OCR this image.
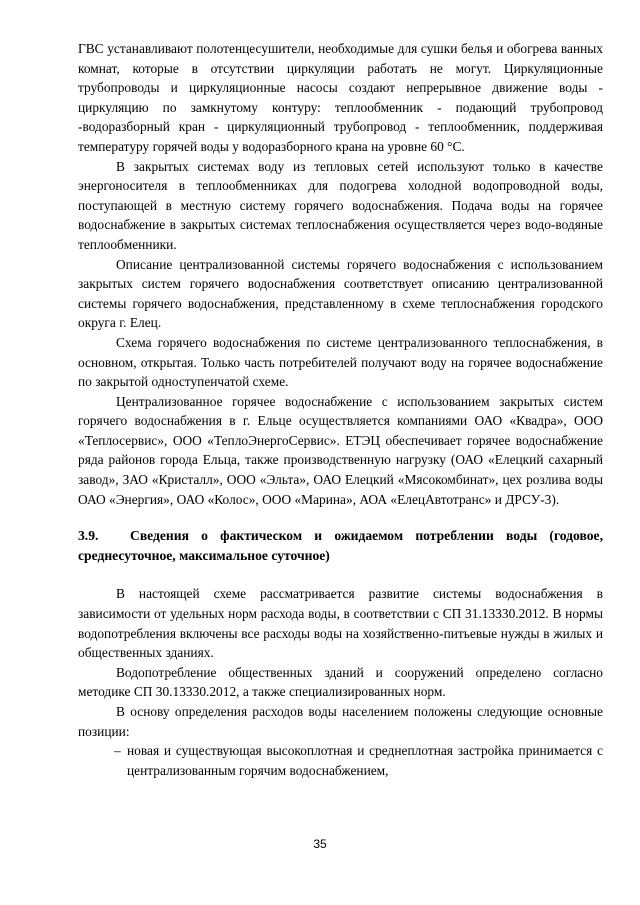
ГВС устанавливают полотенцесушители, необходимые для сушки белья и обогрева ванных комнат, которые в отсутствии циркуляции работать не могут. Циркуляционные трубопроводы и циркуляционные насосы создают непрерывное движение воды - циркуляцию по замкнутому контуру: теплообменник - подающий трубопровод -водоразборный кран - циркуляционный трубопровод - теплообменник, поддерживая температуру горячей воды у водоразборного крана на уровне 60 °С.

В закрытых системах воду из тепловых сетей используют только в качестве энергоносителя в теплообменниках для подогрева холодной водопроводной воды, поступающей в местную систему горячего водоснабжения. Подача воды на горячее водоснабжение в закрытых системах теплоснабжения осуществляется через водо-водяные теплообменники.

Описание централизованной системы горячего водоснабжения с использованием закрытых систем горячего водоснабжения соответствует описанию централизованной системы горячего водоснабжения, представленному в схеме теплоснабжения городского округа г. Елец.

Схема горячего водоснабжения по системе централизованного теплоснабжения, в основном, открытая. Только часть потребителей получают воду на горячее водоснабжение по закрытой одноступенчатой схеме.

Централизованное горячее водоснабжение с использованием закрытых систем горячего водоснабжения в г. Ельце осуществляется компаниями ОАО «Квадра», ООО «Теплосервис», ООО «ТеплоЭнергоСервис». ЕТЭЦ обеспечивает горячее водоснабжение ряда районов города Ельца, также производственную нагрузку (ОАО «Елецкий сахарный завод», ЗАО «Кристалл», ООО «Эльта», ОАО Елецкий «Мясокомбинат», цех розлива воды ОАО «Энергия», ОАО «Колос», ООО «Марина», АОА «ЕлецАвтотранс» и ДРСУ-3).

3.9. Сведения о фактическом и ожидаемом потреблении воды (годовое, среднесуточное, максимальное суточное)

В настоящей схеме рассматривается развитие системы водоснабжения в зависимости от удельных норм расхода воды, в соответствии с СП 31.13330.2012. В нормы водопотребления включены все расходы воды на хозяйственно-питьевые нужды в жилых и общественных зданиях.

Водопотребление общественных зданий и сооружений определено согласно методике СП 30.13330.2012, а также специализированных норм.

В основу определения расходов воды населением положены следующие основные позиции:

– новая и существующая высокоплотная и среднеплотная застройка принимается с централизованным горячим водоснабжением,
35
